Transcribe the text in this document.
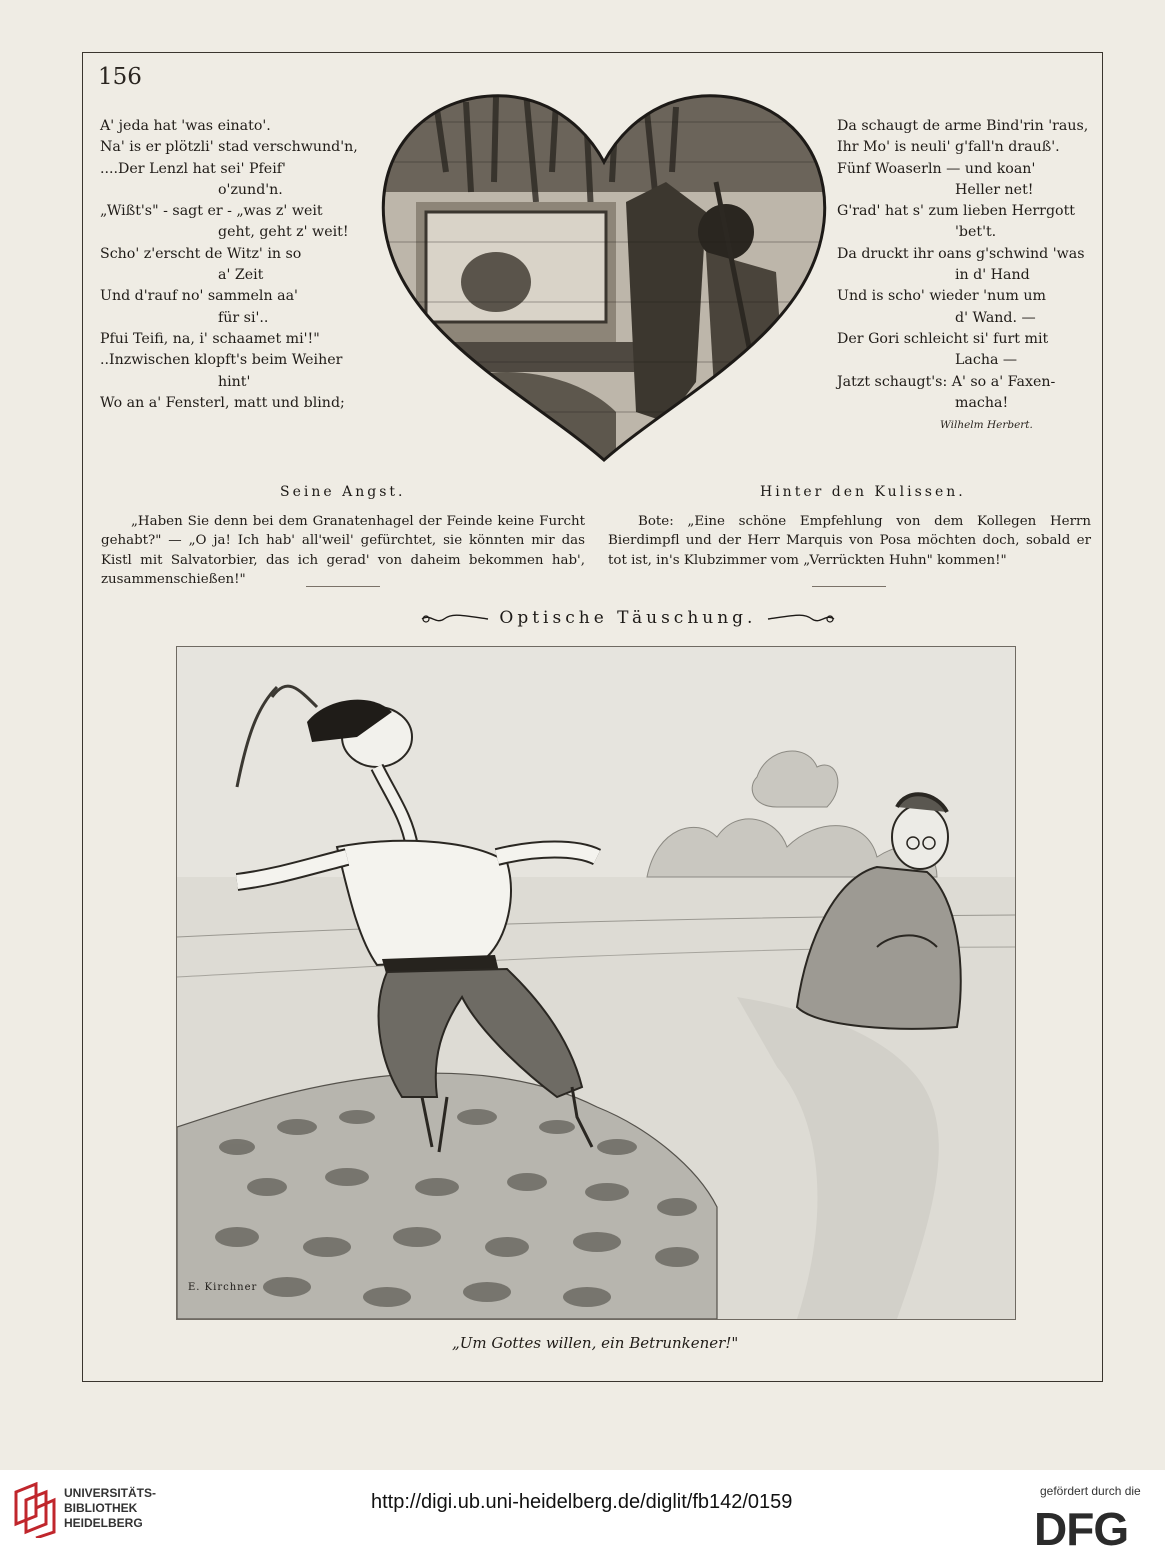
156
A' jeda hat 'was einato'.
Na' is er plötzli' stad verschwund'n,
....Der Lenzl hat sei' Pfeif'
o'zund'n.
„Wißt's" - sagt er - „was z' weit
geht, geht z' weit!
Scho' z'erscht de Witz' in so
a' Zeit
Und d'rauf no' sammeln aa'
für si'..
Pfui Teifi, na, i' schaamet mi'!"
..Inzwischen klopft's beim Weiher
hint'
Wo an a' Fensterl, matt und blind;
Da schaugt de arme Bind'rin 'raus,
Ihr Mo' is neuli' g'fall'n drauß'.
Fünf Woaserln — und koan'
Heller net!
G'rad' hat s' zum lieben Herrgott
'bet't.
Da druckt ihr oans g'schwind 'was
in d' Hand
Und is scho' wieder 'num um
d' Wand. —
Der Gori schleicht si' furt mit
Lacha —
Jatzt schaugt's: A' so a' Faxen-
macha!
Wilhelm Herbert.
Seine Angst.
„Haben Sie denn bei dem Granatenhagel der Feinde keine Furcht gehabt?" — „O ja! Ich hab' all'weil' gefürchtet, sie könnten mir das Kistl mit Salvatorbier, das ich gerad' von daheim bekommen hab', zusammenschießen!"
Hinter den Kulissen.
Bote: „Eine schöne Empfehlung von dem Kollegen Herrn Bierdimpfl und der Herr Marquis von Posa möchten doch, sobald er tot ist, in's Klubzimmer vom „Verrückten Huhn" kommen!"
Optische Täuschung.
E. Kirchner
„Um Gottes willen, ein Betrunkener!"
UNIVERSITÄTS-
BIBLIOTHEK
HEIDELBERG
http://digi.ub.uni-heidelberg.de/diglit/fb142/0159	gefördert durch die
DFG
